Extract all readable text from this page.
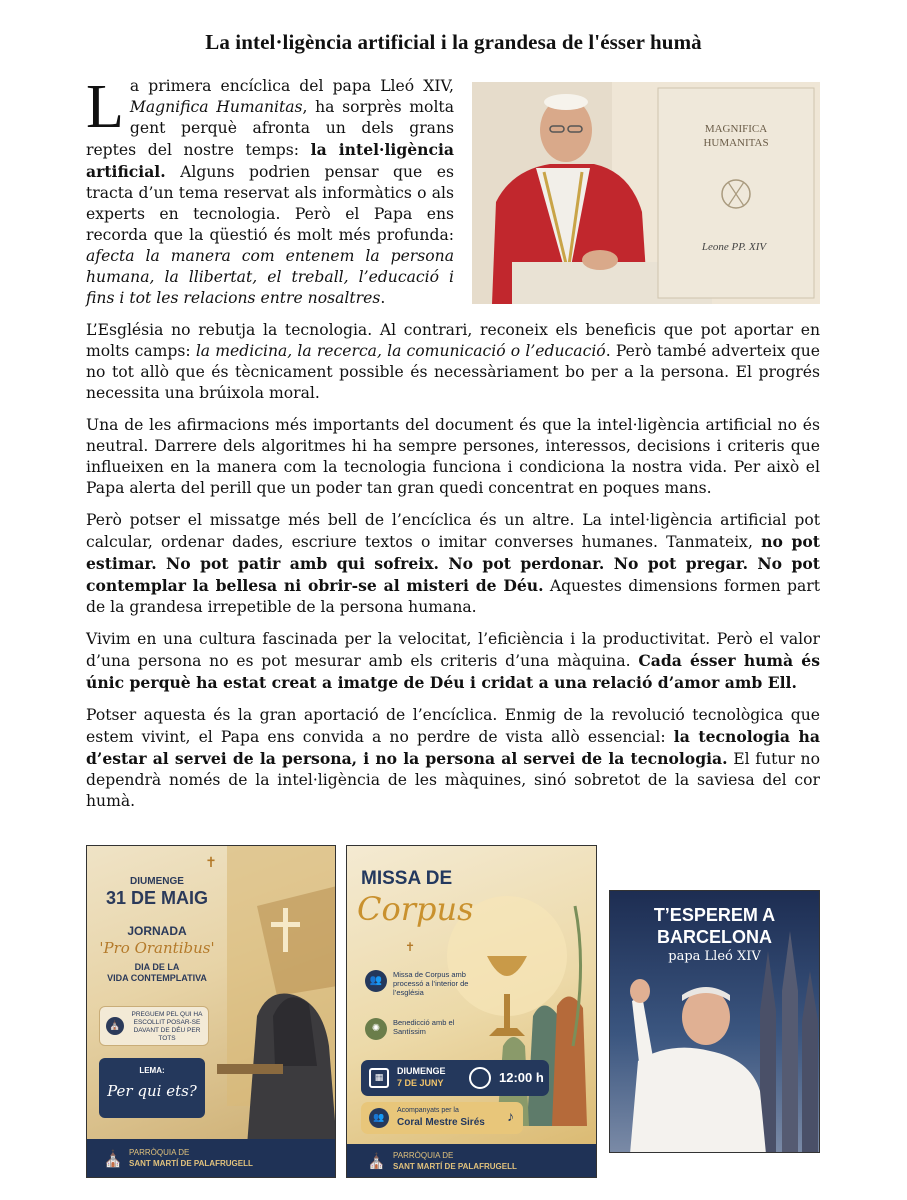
La intel·ligència artificial i la grandesa de l'ésser humà
MAGNIFICA
HUMANITAS
Leone PP. XIV

La primera encíclica del papa Lleó XIV, Magnifica Humanitas, ha sorprès molta gent perquè afronta un dels grans reptes del nostre temps: la intel·ligència artificial. Alguns podrien pensar que es tracta d’un tema reservat als informàtics o als experts en tecnologia. Però el Papa ens recorda que la qüestió és molt més profunda: afecta la manera com entenem la persona humana, la llibertat, el treball, l’educació i fins i tot les relacions entre nosaltres.

L’Església no rebutja la tecnologia. Al contrari, reconeix els beneficis que pot aportar en molts camps: la medicina, la recerca, la comunicació o l’educació. Però també adverteix que no tot allò que és tècnicament possible és necessàriament bo per a la persona. El progrés necessita una brúixola moral.

Una de les afirmacions més importants del document és que la intel·ligència artificial no és neutral. Darrere dels algoritmes hi ha sempre persones, interessos, decisions i criteris que influeixen en la manera com la tecnologia funciona i condiciona la nostra vida. Per això el Papa alerta del perill que un poder tan gran quedi concentrat en poques mans.

Però potser el missatge més bell de l’encíclica és un altre. La intel·ligència artificial pot calcular, ordenar dades, escriure textos o imitar converses humanes. Tanmateix, no pot estimar. No pot patir amb qui sofreix. No pot perdonar. No pot pregar. No pot contemplar la bellesa ni obrir-se al misteri de Déu. Aquestes dimensions formen part de la grandesa irrepetible de la persona humana.

Vivim en una cultura fascinada per la velocitat, l’eficiència i la productivitat. Però el valor d’una persona no es pot mesurar amb els criteris d’una màquina. Cada ésser humà és únic perquè ha estat creat a imatge de Déu i cridat a una relació d’amor amb Ell.

Potser aquesta és la gran aportació de l’encíclica. Enmig de la revolució tecnològica que estem vivint, el Papa ens convida a no perdre de vista allò essencial: la tecnologia ha d’estar al servei de la persona, i no la persona al servei de la tecnologia. El futur no dependrà només de la intel·ligència de les màquines, sinó sobretot de la saviesa del cor humà.

✝
DIUMENGE
31 DE MAIG
JORNADA
'Pro Orantibus'
DIA DE LA
VIDA CONTEMPLATIVA
⛪
PREGUEM PEL QUI HA ESCOLLIT POSAR-SE DAVANT DE DÉU PER TOTS
LEMA:
Per qui ets?
⛪ PARRÒQUIA DE
SANT MARTÍ DE PALAFRUGELL
MISSA DE
Corpus
✝
👥
Missa de Corpus amb processó a l’interior de l’església
✺
Benedicció amb el Santíssim
▦
DIUMENGE
7 DE JUNY	12:00 h
👥
Acompanyats per la
Coral Mestre Sirés ♪
⛪ PARRÒQUIA DE
SANT MARTÍ DE PALAFRUGELL
T’ESPEREM A
BARCELONA
papa Lleó XIV
